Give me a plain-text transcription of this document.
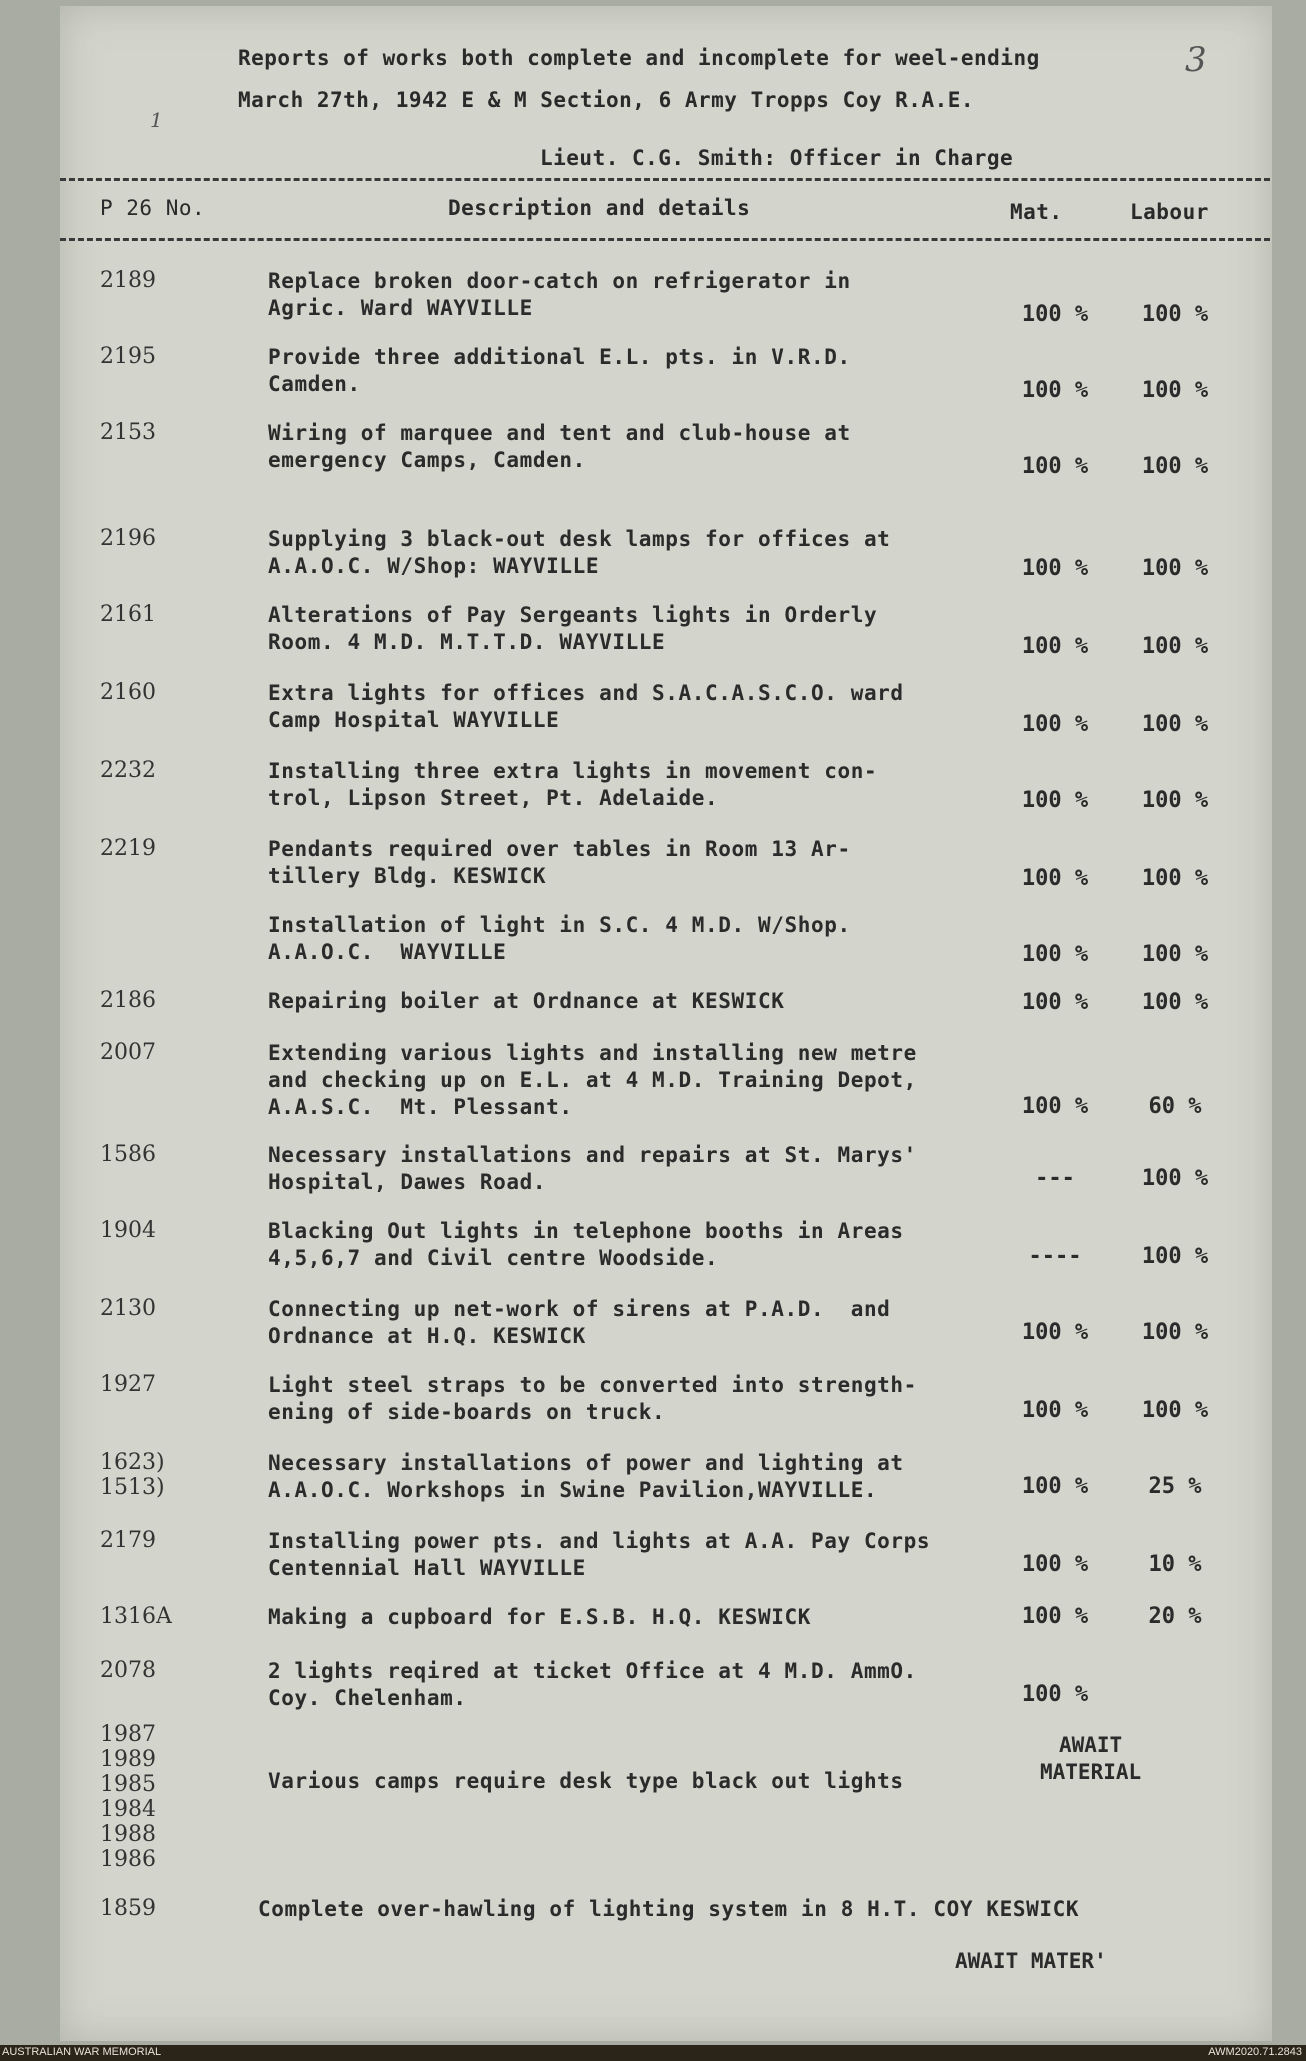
Reports of works both complete and incomplete for weel-ending	3
March 27th, 1942 E & M Section, 6 Army Tropps Coy R.A.E.
1
Lieut. C.G. Smith: Officer in Charge
P 26 No.	Description and details	Mat.	Labour
2189	Replace broken door-catch on refrigerator in
Agric. Ward WAYVILLE	100 %	100 %
2195	Provide three additional E.L. pts. in V.R.D.
Camden.	100 %	100 %
2153	Wiring of marquee and tent and club-house at
emergency Camps, Camden.	100 %	100 %
2196	Supplying 3 black-out desk lamps for offices at
A.A.O.C. W/Shop: WAYVILLE	100 %	100 %
2161	Alterations of Pay Sergeants lights in Orderly
Room. 4 M.D. M.T.T.D. WAYVILLE	100 %	100 %
2160	Extra lights for offices and S.A.C.A.S.C.O. ward
Camp Hospital WAYVILLE	100 %	100 %
2232	Installing three extra lights in movement con-
trol, Lipson Street, Pt. Adelaide.	100 %	100 %
2219	Pendants required over tables in Room 13 Ar-
tillery Bldg. KESWICK	100 %	100 %
Installation of light in S.C. 4 M.D. W/Shop.
A.A.O.C.  WAYVILLE	100 %	100 %
2186	Repairing boiler at Ordnance at KESWICK	100 %	100 %
2007	Extending various lights and installing new metre
and checking up on E.L. at 4 M.D. Training Depot,
A.A.S.C.  Mt. Plessant.	100 %	60 %
1586	Necessary installations and repairs at St. Marys'
Hospital, Dawes Road.	---	100 %
1904	Blacking Out lights in telephone booths in Areas
4,5,6,7 and Civil centre Woodside.	----	100 %
2130	Connecting up net-work of sirens at P.A.D.  and
Ordnance at H.Q. KESWICK	100 %	100 %
1927	Light steel straps to be converted into strength-
ening of side-boards on truck.	100 %	100 %
1623)
1513)
Necessary installations of power and lighting at
A.A.O.C. Workshops in Swine Pavilion,WAYVILLE.	100 %	25 %
2179	Installing power pts. and lights at A.A. Pay Corps
Centennial Hall WAYVILLE	100 %	10 %
1316A	Making a cupboard for E.S.B. H.Q. KESWICK	100 %	20 %
2078	2 lights reqired at ticket Office at 4 M.D. AmmO.
Coy. Chelenham.	100 %
1987
1989
1985
1984
1988
1986
Various camps require desk type black out lights
AWAIT
MATERIAL
1859	Complete over-hawling of lighting system in 8 H.T. COY KESWICK
AWAIT MATER'
AUSTRALIAN WAR MEMORIAL	AWM2020.71.2843
